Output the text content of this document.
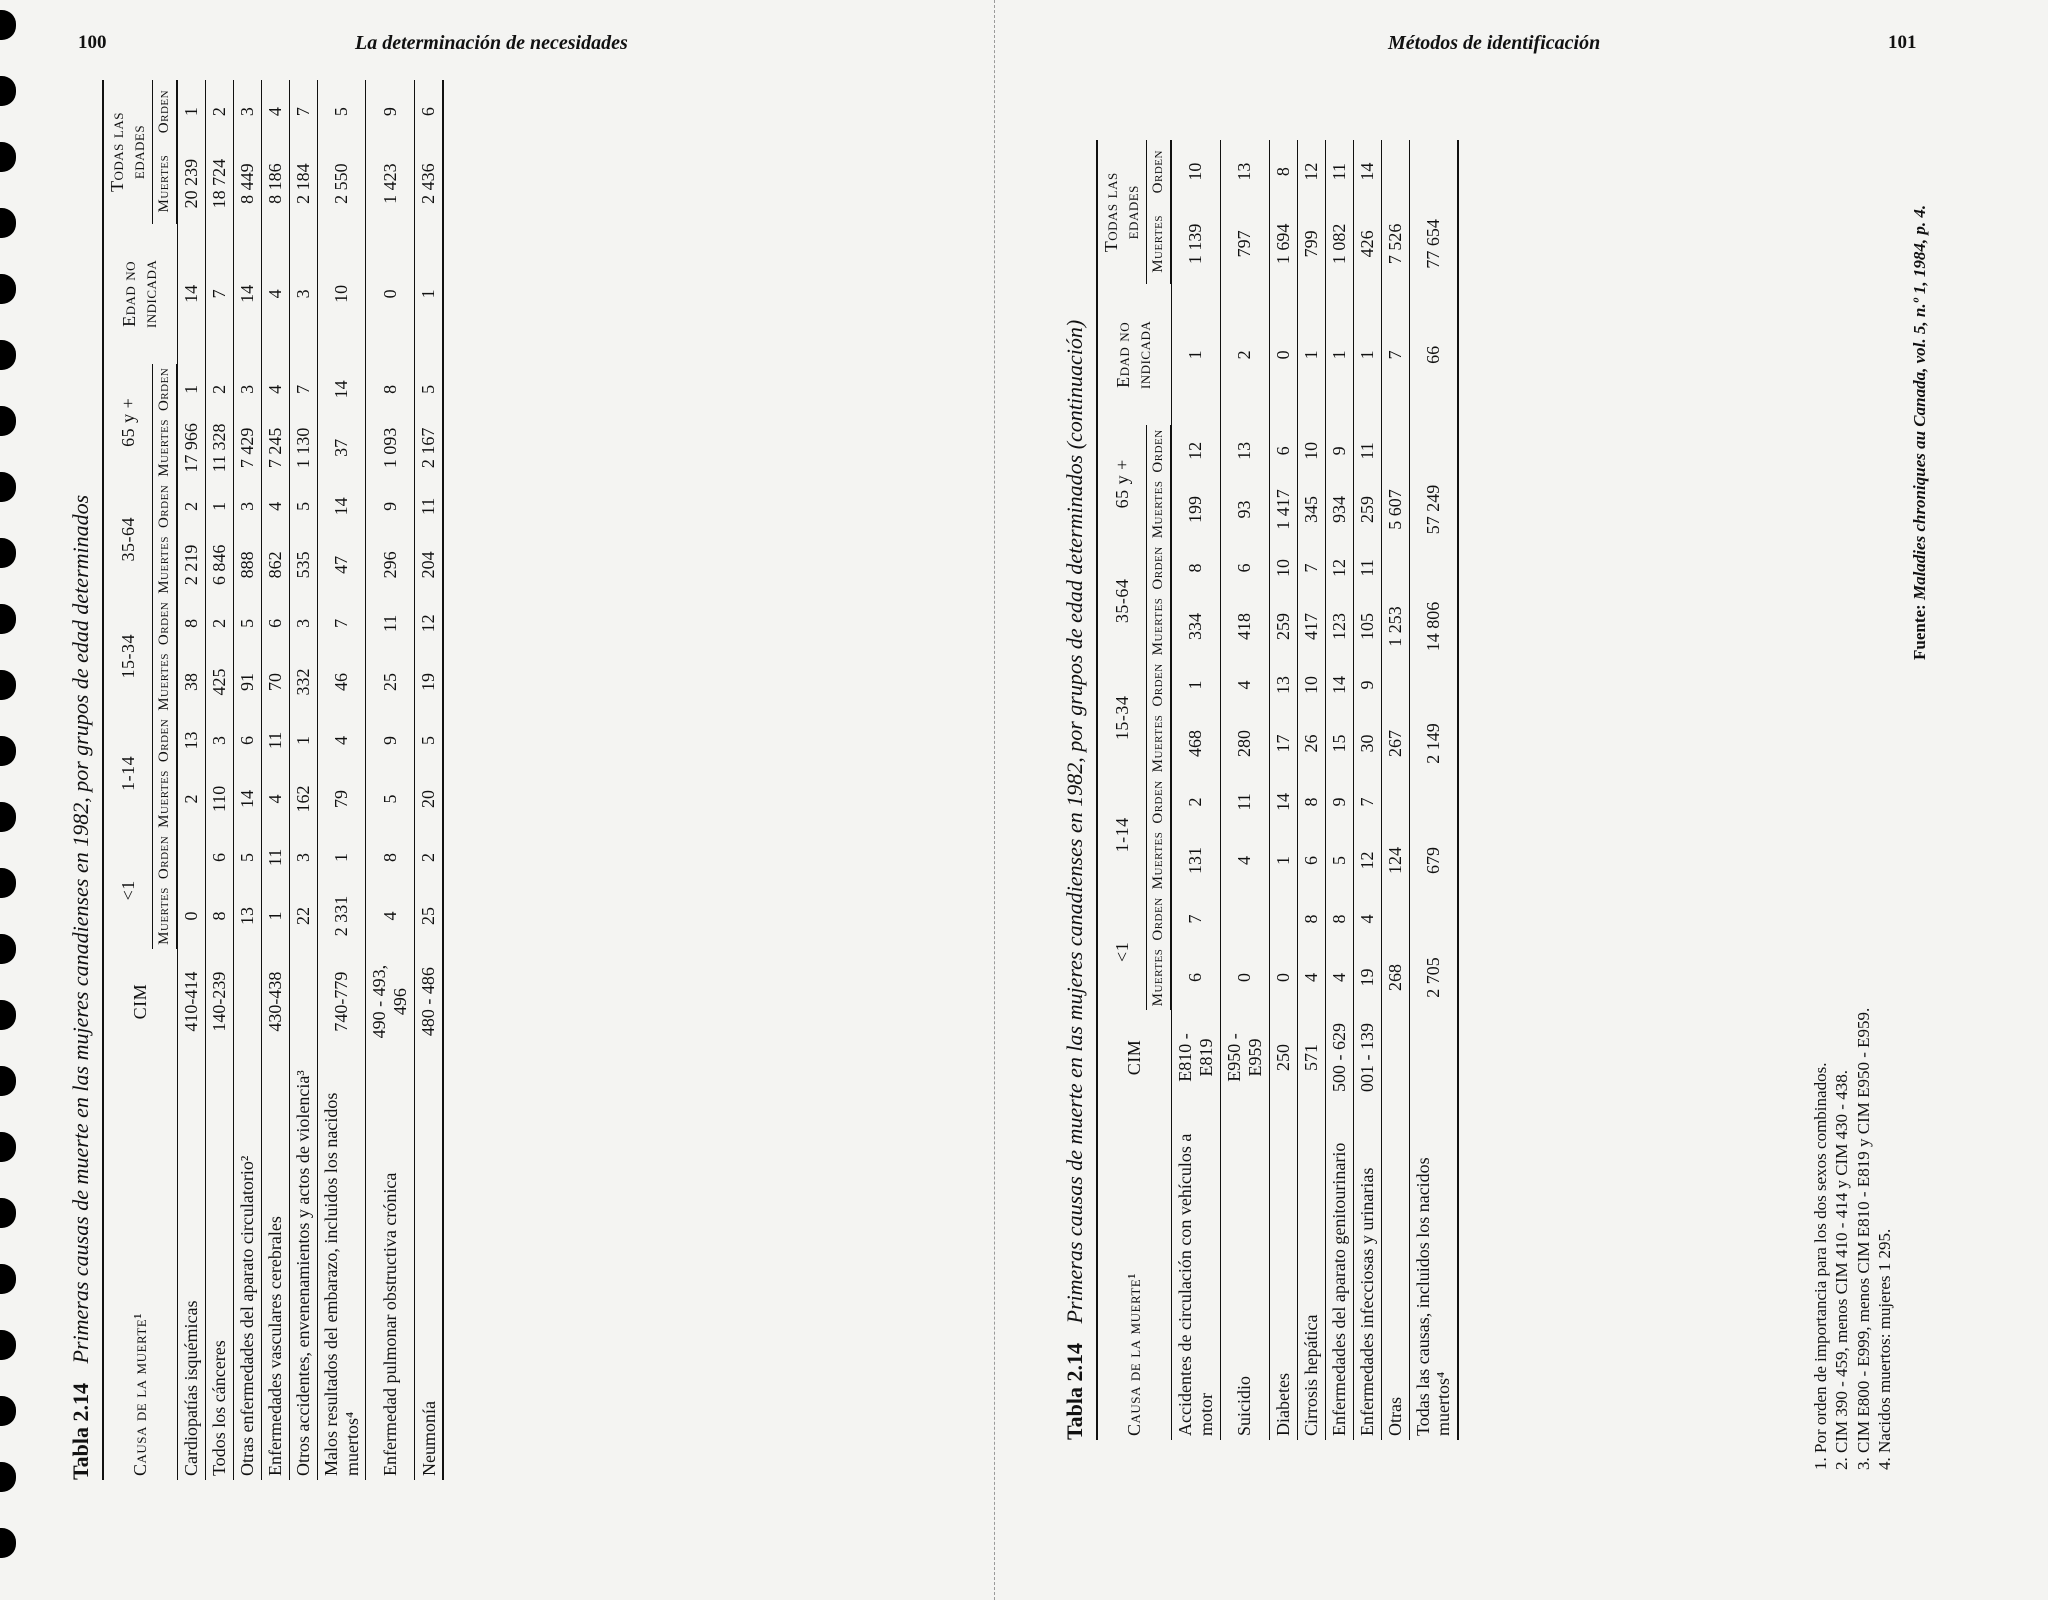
100	La determinación de necesidades	Métodos de identificación	101
Tabla 2.14 Primeras causas de muerte en las mujeres canadienses en 1982, por grupos de edad determinados
Causa de la muerte¹	CIM	<1		1-14		15-34		35-64		65 y +		Edad no indicada	Todas las edades	
		Muertes	Orden	Muertes	Orden	Muertes	Orden	Muertes	Orden	Muertes	Orden		Muertes	Orden
Cardiopatías isquémicas	410-414	0		2	13	38	8	2 219	2	17 966	1	14	20 239	1
Todos los cánceres	140-239	8	6	110	3	425	2	6 846	1	11 328	2	7	18 724	2
Otras enfermedades del aparato circulatorio²		13	5	14	6	91	5	888	3	7 429	3	14	8 449	3
Enfermedades vasculares cerebrales	430-438	1	11	4	11	70	6	862	4	7 245	4	4	8 186	4
Otros accidentes, envenenamientos y actos de violencia³		22	3	162	1	332	3	535	5	1 130	7	3	2 184	7
Malos resultados del embarazo, incluidos los nacidos muertos⁴	740-779	2 331	1	79	4	46	7	47	14	37	14	10	2 550	5
Enfermedad pulmonar obstructiva crónica	490 - 493, 496	4	8	5	9	25	11	296	9	1 093	8	0	1 423	9
Neumonía	480 - 486	25	2	20	5	19	12	204	11	2 167	5	1	2 436	6
Tabla 2.14 Primeras causas de muerte en las mujeres canadienses en 1982, por grupos de edad determinados (continuación)
Causa de la muerte¹	CIM	<1		1-14		15-34		35-64		65 y +		Edad no indicada	Todas las edades	
		Muertes	Orden	Muertes	Orden	Muertes	Orden	Muertes	Orden	Muertes	Orden		Muertes	Orden
Accidentes de circulación con vehículos a motor	E810 - E819	6	7	131	2	468	1	334	8	199	12	1	1 139	10
Suicidio	E950 - E959	0		4	11	280	4	418	6	93	13	2	797	13
Diabetes	250	0		1	14	17	13	259	10	1 417	6	0	1 694	8
Cirrosis hepática	571	4	8	6	8	26	10	417	7	345	10	1	799	12
Enfermedades del aparato genitourinario	500 - 629	4	8	5	9	15	14	123	12	934	9	1	1 082	11
Enfermedades infecciosas y urinarias	001 - 139	19	4	12	7	30	9	105	11	259	11	1	426	14
Otras		268		124		267		1 253		5 607		7	7 526	
Todas las causas, incluidos los nacidos muertos⁴		2 705		679		2 149		14 806		57 249		66	77 654	
1. Por orden de importancia para los dos sexos combinados. 2. CIM 390 - 459, menos CIM 410 - 414 y CIM 430 - 438. 3. CIM E800 - E999, menos CIM E810 - E819 y CIM E950 - E959. 4. Nacidos muertos: mujeres 1 295.
Fuente: Maladies chroniques au Canada, vol. 5, n.º 1, 1984, p. 4.
